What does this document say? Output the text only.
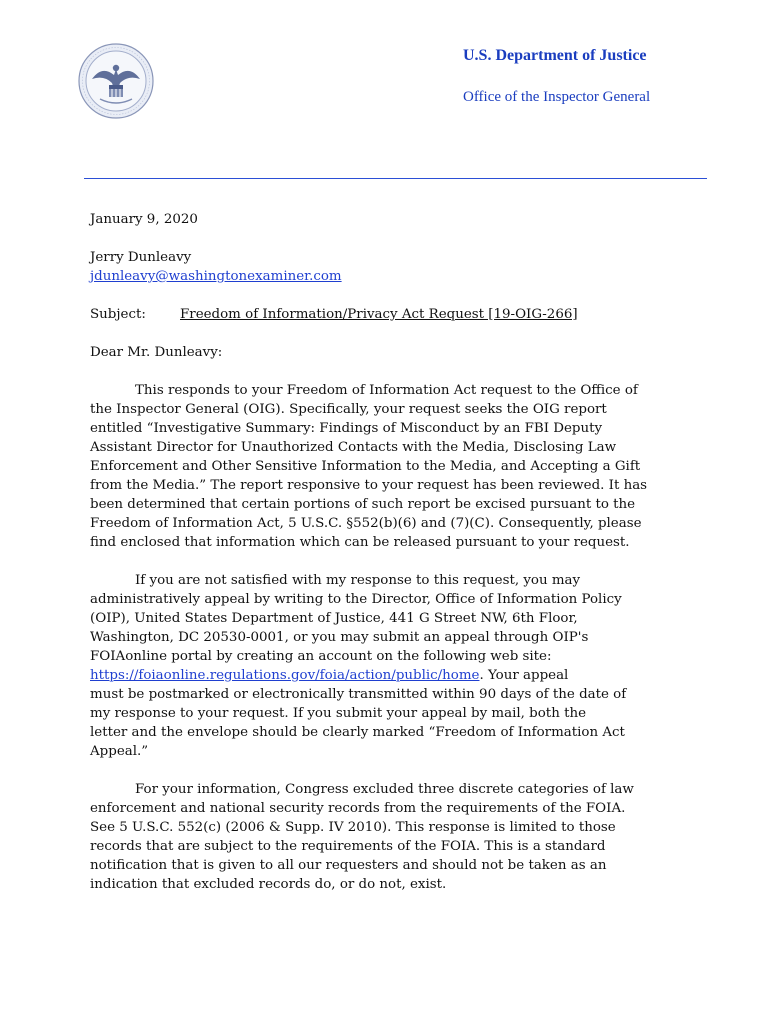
U.S. Department of Justice
Office of the Inspector General
January 9, 2020
Jerry Dunleavy
jdunleavy@washingtonexaminer.com
Subject:	Freedom of Information/Privacy Act Request [19-OIG-266]
Dear Mr. Dunleavy:
This responds to your Freedom of Information Act request to the Office of
the Inspector General (OIG). Specifically, your request seeks the OIG report
entitled “Investigative Summary: Findings of Misconduct by an FBI Deputy
Assistant Director for Unauthorized Contacts with the Media, Disclosing Law
Enforcement and Other Sensitive Information to the Media, and Accepting a Gift
from the Media.” The report responsive to your request has been reviewed. It has
been determined that certain portions of such report be excised pursuant to the
Freedom of Information Act, 5 U.S.C. §552(b)(6) and (7)(C). Consequently, please
find enclosed that information which can be released pursuant to your request.
If you are not satisfied with my response to this request, you may
administratively appeal by writing to the Director, Office of Information Policy
(OIP), United States Department of Justice, 441 G Street NW, 6th Floor,
Washington, DC 20530-0001, or you may submit an appeal through OIP's
FOIAonline portal by creating an account on the following web site:
https://foiaonline.regulations.gov/foia/action/public/home. Your appeal
must be postmarked or electronically transmitted within 90 days of the date of
my response to your request. If you submit your appeal by mail, both the
letter and the envelope should be clearly marked “Freedom of Information Act
Appeal.”
For your information, Congress excluded three discrete categories of law
enforcement and national security records from the requirements of the FOIA.
See 5 U.S.C. 552(c) (2006 & Supp. IV 2010). This response is limited to those
records that are subject to the requirements of the FOIA. This is a standard
notification that is given to all our requesters and should not be taken as an
indication that excluded records do, or do not, exist.
